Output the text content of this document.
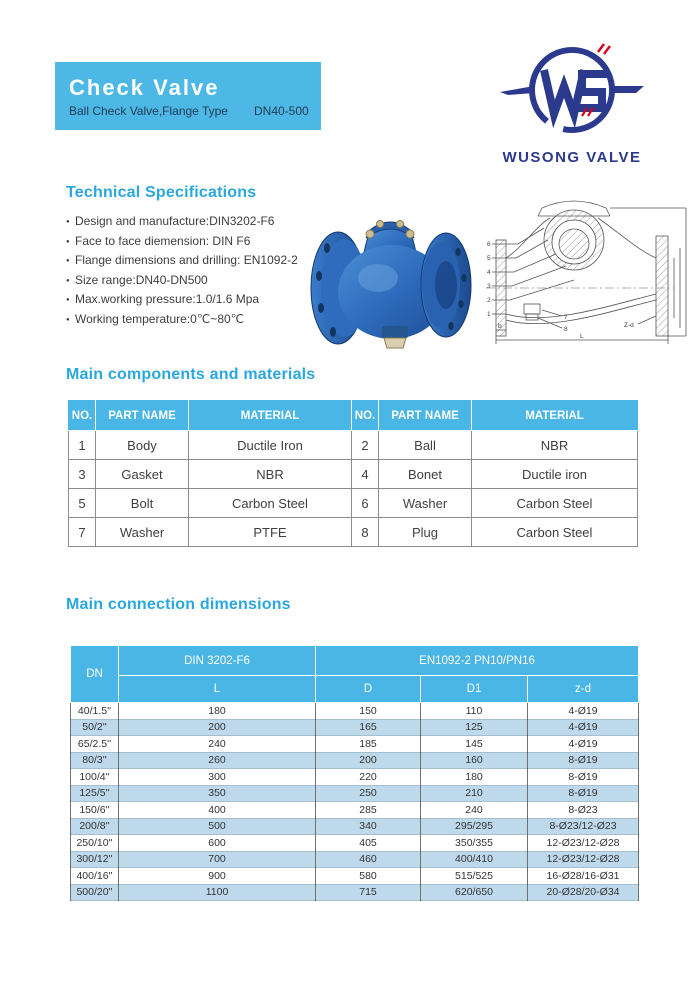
Check Valve
Ball Check Valve,Flange Type DN40-500
WUSONG VALVE
Technical Specifications
● Design and manufacture:DIN3202-F6
● Face to face diemension: DIN F6
● Flange dimensions and drilling: EN1092-2
● Size range:DN40-DN500
● Max.working pressure:1.0/1.6 Mpa
● Working temperature:0℃~80℃
6
5
4
3
2
1	7
8
Z-d
L
b
Main components and materials
NO.	PART NAME	MATERIAL	NO.	PART NAME	MATERIAL
1	Body	Ductile Iron	2	Ball	NBR
3	Gasket	NBR	4	Bonet	Ductile iron
5	Bolt	Carbon Steel	6	Washer	Carbon Steel
7	Washer	PTFE	8	Plug	Carbon Steel
Main connection dimensions
DN	DIN 3202-F6	EN1092-2 PN10/PN16		
	L	D	D1	z-d
40/1.5''	180	150	110	4-Ø19
50/2''	200	165	125	4-Ø19
65/2.5''	240	185	145	4-Ø19
80/3''	260	200	160	8-Ø19
100/4''	300	220	180	8-Ø19
125/5''	350	250	210	8-Ø19
150/6''	400	285	240	8-Ø23
200/8''	500	340	295/295	8-Ø23/12-Ø23
250/10''	600	405	350/355	12-Ø23/12-Ø28
300/12''	700	460	400/410	12-Ø23/12-Ø28
400/16''	900	580	515/525	16-Ø28/16-Ø31
500/20''	1100	715	620/650	20-Ø28/20-Ø34
